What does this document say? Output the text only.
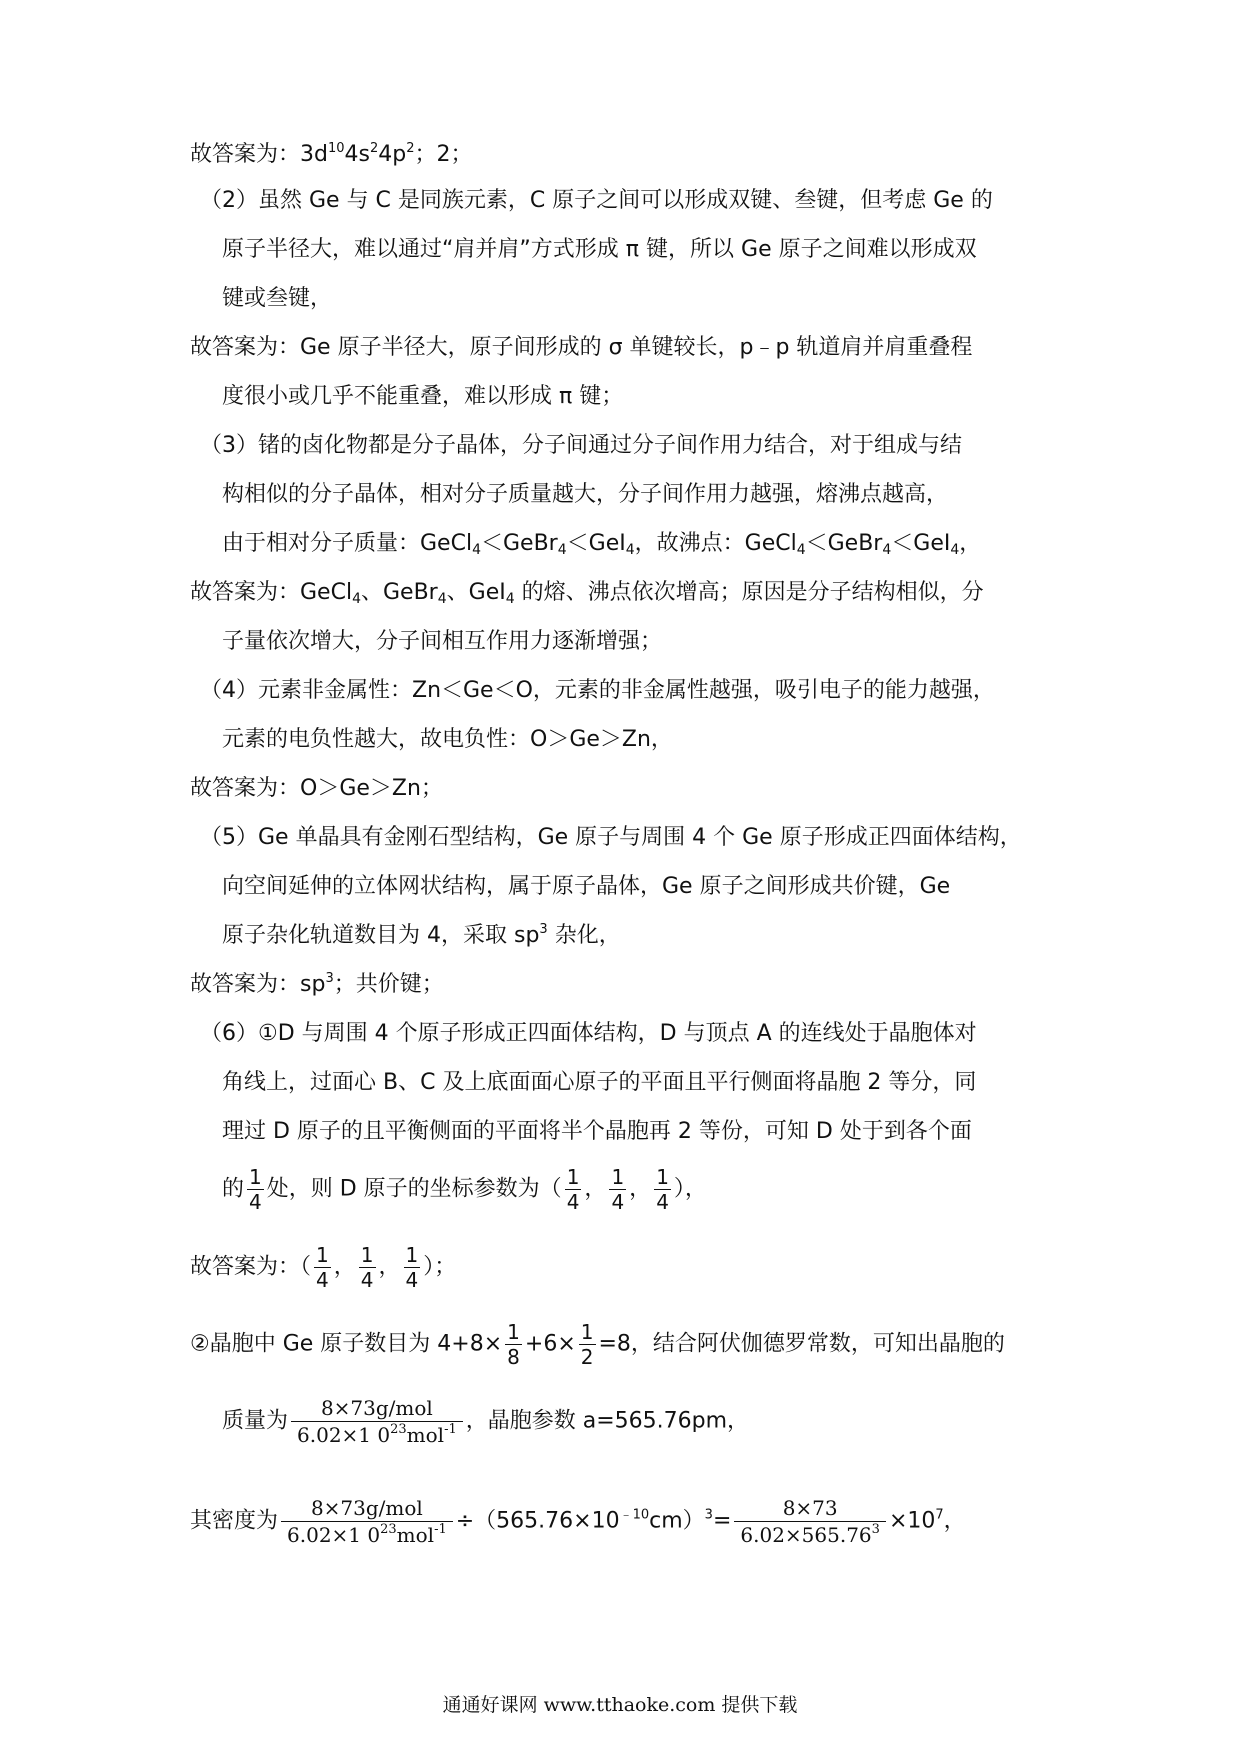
故答案为：$3d^{10}4s^24p^2$；2；
（2）虽然 Ge 与 C 是同族元素，C 原子之间可以形成双键、叁键，但考虑 Ge 的
原子半径大，难以通过“肩并肩”方式形成 π 键，所以 Ge 原子之间难以形成双
键或叁键，
故答案为：Ge 原子半径大，原子间形成的 σ 单键较长，p﹣p 轨道肩并肩重叠程
度很小或几乎不能重叠，难以形成 π 键；
（3）锗的卤化物都是分子晶体，分子间通过分子间作用力结合，对于组成与结
构相似的分子晶体，相对分子质量越大，分子间作用力越强，熔沸点越高，
由于相对分子质量：GeCl$_4$＜GeBr$_4$＜GeI$_4$，故沸点：GeCl$_4$＜GeBr$_4$＜GeI$_4$，
故答案为：GeCl$_4$、GeBr$_4$、GeI$_4$ 的熔、沸点依次增高；原因是分子结构相似，分
子量依次增大，分子间相互作用力逐渐增强；
（4）元素非金属性：Zn＜Ge＜O，元素的非金属性越强，吸引电子的能力越强，
元素的电负性越大，故电负性：O＞Ge＞Zn，
故答案为：O＞Ge＞Zn；
（5）Ge 单晶具有金刚石型结构，Ge 原子与周围 4 个 Ge 原子形成正四面体结构，
向空间延伸的立体网状结构，属于原子晶体，Ge 原子之间形成共价键，Ge
原子杂化轨道数目为 4，采取 $sp^3$ 杂化，
故答案为：$sp^3$；共价键；
（6）①D 与周围 4 个原子形成正四面体结构，D 与顶点 A 的连线处于晶胞体对
角线上，过面心 B、C 及上底面面心原子的平面且平行侧面将晶胞 2 等分，同
理过 D 原子的且平衡侧面的平面将半个晶胞再 2 等份，可知 D 处于到各个面
的 $\frac{1}{4}$ 处，则 D 原子的坐标参数为（ $\frac{1}{4}$ ， $\frac{1}{4}$ ， $\frac{1}{4}$ ），
故答案为：（ $\frac{1}{4}$ ， $\frac{1}{4}$ ， $\frac{1}{4}$ ）；
②晶胞中 Ge 原子数目为 $4+8\times \frac{1}{8} +6\times \frac{1}{2} =8$，结合阿伏伽德罗常数，可知出晶胞的
质量为 $\frac{\text{8×73g/mol}}{6.02\times 1 0^{23}mol^{-1}}$ ，晶胞参数 a=565.76pm，
其密度为 $\frac{\text{8×73g/mol}}{6.02\times 1 0^{23}mol^{-1}} \div(565.76\times 10^{﹣10}cm)^3= \frac{8\times 73}{6.02\times 565.76^3} \times 10^7$，
通通好课网 www.tthaoke.com 提供下载
